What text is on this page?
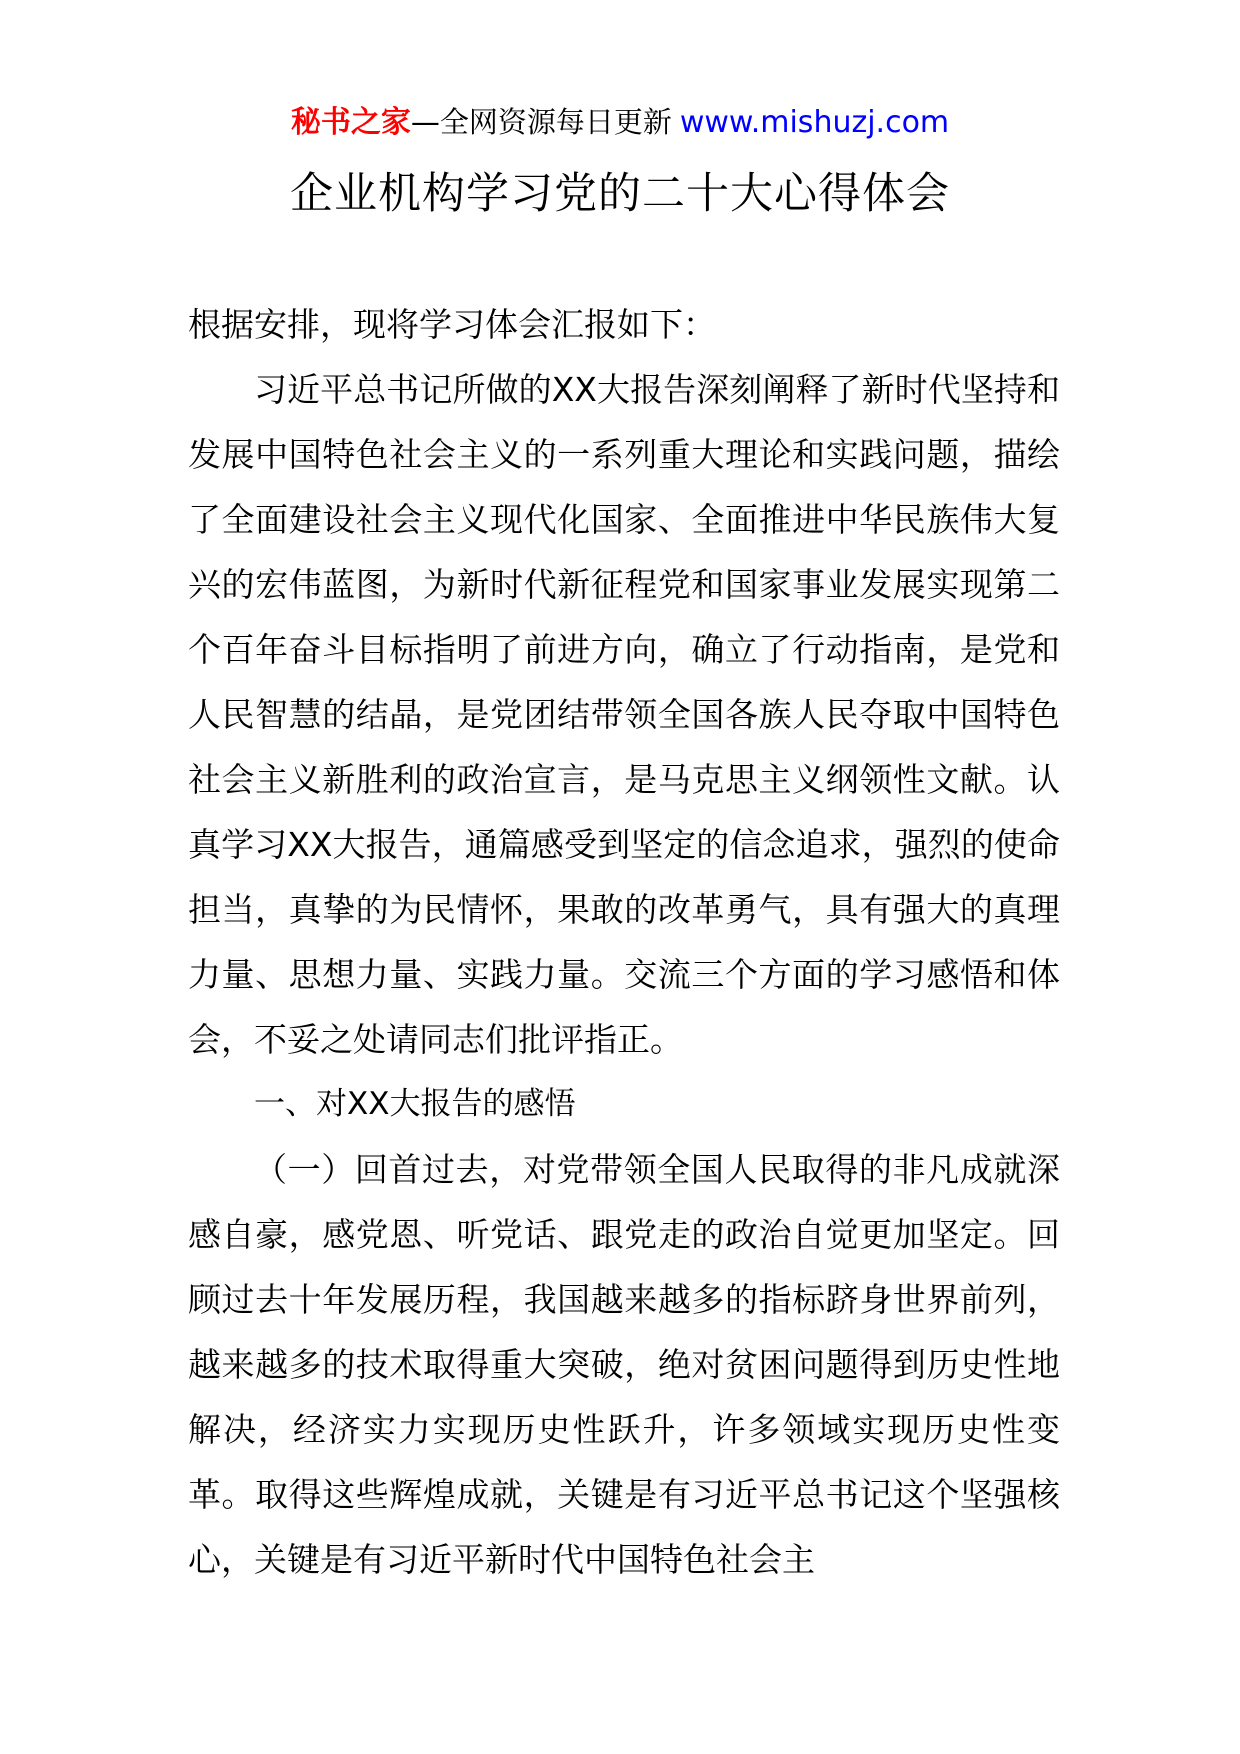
秘书之家—全网资源每日更新 www.mishuzj.com
企业机构学习党的二十大心得体会

根据安排，现将学习体会汇报如下：

习近平总书记所做的XX大报告深刻阐释了新时代坚持和发展中国特色社会主义的一系列重大理论和实践问题，描绘了全面建设社会主义现代化国家、全面推进中华民族伟大复兴的宏伟蓝图，为新时代新征程党和国家事业发展实现第二个百年奋斗目标指明了前进方向，确立了行动指南，是党和人民智慧的结晶，是党团结带领全国各族人民夺取中国特色社会主义新胜利的政治宣言，是马克思主义纲领性文献。认真学习XX大报告，通篇感受到坚定的信念追求，强烈的使命担当，真挚的为民情怀，果敢的改革勇气，具有强大的真理力量、思想力量、实践力量。交流三个方面的学习感悟和体会，不妥之处请同志们批评指正。

一、对XX大报告的感悟

（一）回首过去，对党带领全国人民取得的非凡成就深感自豪，感党恩、听党话、跟党走的政治自觉更加坚定。回顾过去十年发展历程，我国越来越多的指标跻身世界前列，越来越多的技术取得重大突破，绝对贫困问题得到历史性地解决，经济实力实现历史性跃升，许多领域实现历史性变革。取得这些辉煌成就，关键是有习近平总书记这个坚强核心，关键是有习近平新时代中国特色社会主
